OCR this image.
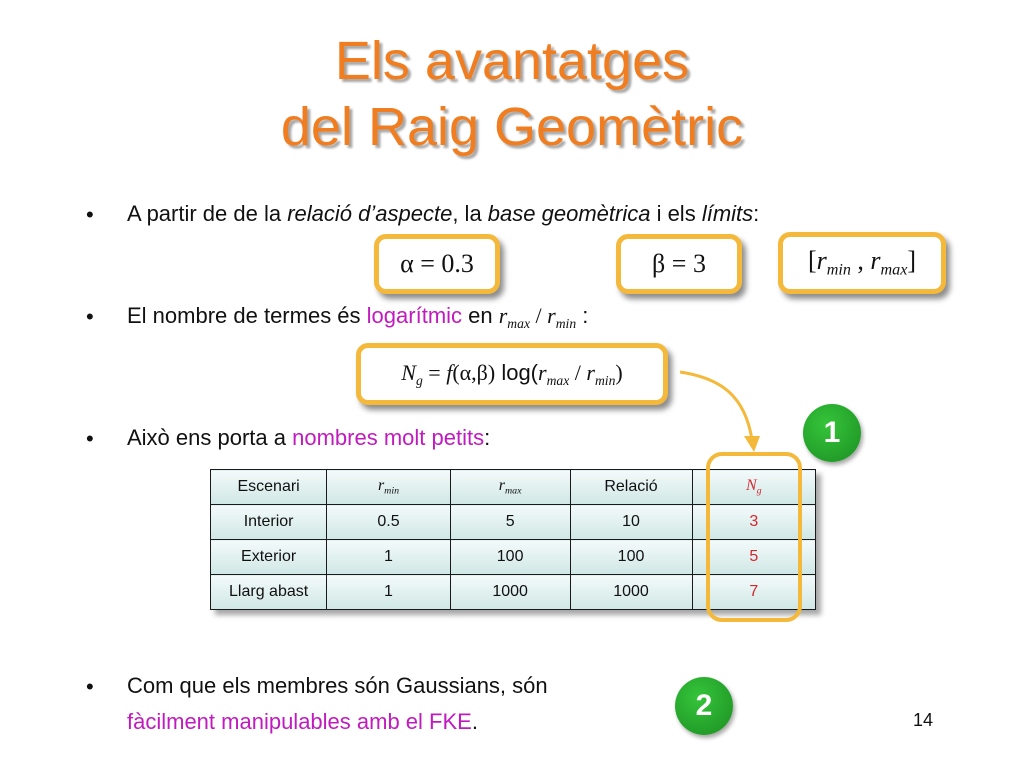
Els avantatges
del Raig Geomètric
• A partir de de la relació d’aspecte, la base geomètrica i els límits:
α = 0.3	β = 3	[$r_{min}$ , $r_{max}$]
• El nombre de termes és logarítmic en $r_{max} / r_{min}$ :
$N_g = f(\alpha,\beta)$ $\log(r_{max} / r_{min})$
1
• Això ens porta a nombres molt petits:
Escenari	$r_{min}$	$r_{max}$	Relació	$N_g$
Interior	0.5	5	10	3
Exterior	1	100	100	5
Llarg abast	1	1000	1000	7
• Com que els membres són Gaussians, són
fàcilment manipulables amb el FKE.	2	14
